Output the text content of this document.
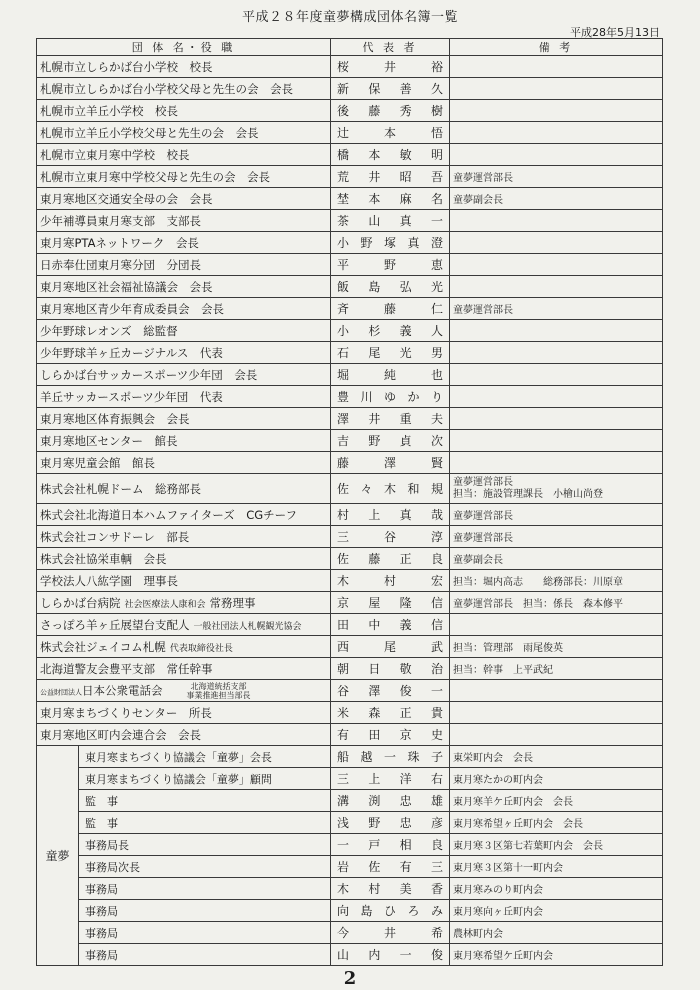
平成２８年度童夢構成団体名簿一覧
平成28年5月13日
団 体 名・役 職		代 表 者	備 考
札幌市立しらかば台小学校　校長		桜井裕	
札幌市立しらかば台小学校父母と先生の会　会長		新保善久	
札幌市立羊丘小学校　校長		後藤秀樹	
札幌市立羊丘小学校父母と先生の会　会長		辻本悟	
札幌市立東月寒中学校　校長		橋本敏明	
札幌市立東月寒中学校父母と先生の会　会長		荒井昭吾	童夢運営部長
東月寒地区交通安全母の会　会長		埜本麻名	童夢副会長
少年補導員東月寒支部　支部長		茶山真一	
東月寒PTAネットワーク　会長		小野塚真澄	
日赤奉仕団東月寒分団　分団長		平野恵	
東月寒地区社会福祉協議会　会長		飯島弘光	
東月寒地区青少年育成委員会　会長		斉藤仁	童夢運営部長
少年野球レオンズ　総監督		小杉義人	
少年野球羊ヶ丘カージナルス　代表		石尾光男	
しらかば台サッカースポーツ少年団　会長		堀純也	
羊丘サッカースポーツ少年団　代表		豊川ゆかり	
東月寒地区体育振興会　会長		澤井重夫	
東月寒地区センター　館長		吉野貞次	
東月寒児童会館　館長		藤澤賢	
株式会社札幌ドーム　総務部長		佐々木和規	童夢運営部長
担当：施設管理課長　小檜山尚登

株式会社北海道日本ハムファイターズ　CGチーフ		村上真哉	童夢運営部長
株式会社コンサドーレ　部長		三谷淳	童夢運営部長
株式会社協栄車輌　会長		佐藤正良	童夢副会長
学校法人八紘学園　理事長		木村宏	担当：堀内高志　　総務部長：川原章
しらかば台病院 社会医療法人康和会 常務理事		京屋隆信	童夢運営部長　担当：係長　森本修平
さっぽろ羊ヶ丘展望台支配人 一般社団法人札幌観光協会		田中義信	
株式会社ジェイコム札幌 代表取締役社長		西尾武	担当：管理部　雨尾俊英
北海道警友会豊平支部　常任幹事		朝日敬治	担当：幹事　上平武紀
公益財団法人日本公衆電話会 北海道統括支部
事業推進担当部長		谷澤俊一	
東月寒まちづくりセンター　所長		米森正貴	
東月寒地区町内会連合会　会長		有田京史	
童夢	東月寒まちづくり協議会「童夢」会長	船越一珠子	東栄町内会　会長
	東月寒まちづくり協議会「童夢」顧問	三上洋右	東月寒たかの町内会
	監　事	溝渕忠雄	東月寒羊ケ丘町内会　会長
	監　事	浅野忠彦	東月寒希望ヶ丘町内会　会長
	事務局長	一戸相良	東月寒３区第七若葉町内会　会長
	事務局次長	岩佐有三	東月寒３区第十一町内会
	事務局	木村美香	東月寒みのり町内会
	事務局	向島ひろみ	東月寒向ヶ丘町内会
	事務局	今井希	農林町内会
	事務局	山内一俊	東月寒希望ケ丘町内会
2
